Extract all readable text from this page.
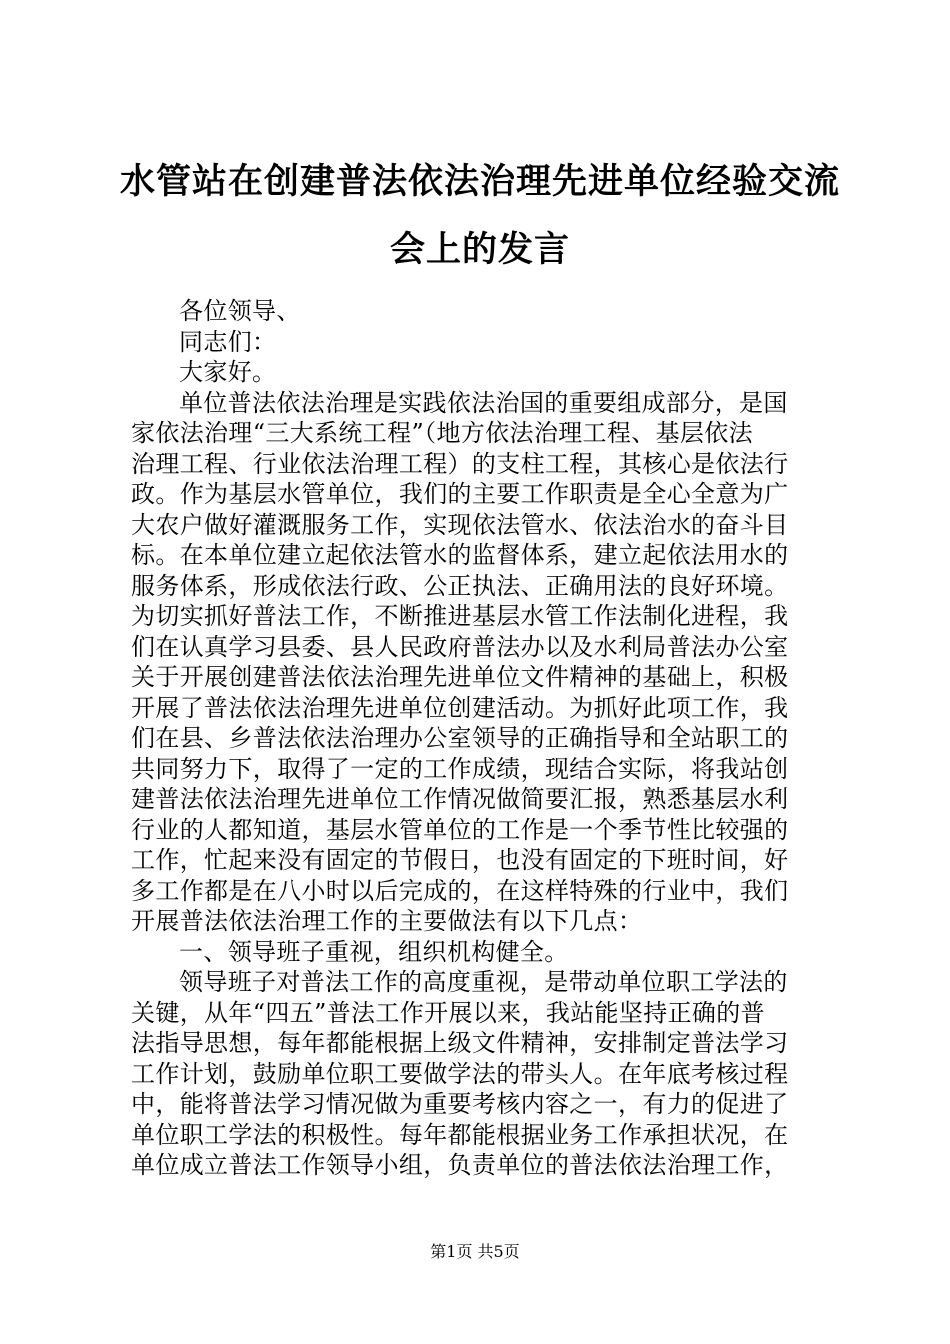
水管站在创建普法依法治理先进单位经验交流
会上的发言

各位领导、
同志们：
大家好。

单位普法依法治理是实践依法治国的重要组成部分，是国
家依法治理“三大系统工程”（地方依法治理工程、基层依法
治理工程、行业依法治理工程）的支柱工程，其核心是依法行
政。作为基层水管单位，我们的主要工作职责是全心全意为广
大农户做好灌溉服务工作，实现依法管水、依法治水的奋斗目
标。在本单位建立起依法管水的监督体系，建立起依法用水的
服务体系，形成依法行政、公正执法、正确用法的良好环境。
为切实抓好普法工作，不断推进基层水管工作法制化进程，我
们在认真学习县委、县人民政府普法办以及水利局普法办公室
关于开展创建普法依法治理先进单位文件精神的基础上，积极
开展了普法依法治理先进单位创建活动。为抓好此项工作，我
们在县、乡普法依法治理办公室领导的正确指导和全站职工的
共同努力下，取得了一定的工作成绩，现结合实际，将我站创
建普法依法治理先进单位工作情况做简要汇报，熟悉基层水利
行业的人都知道，基层水管单位的工作是一个季节性比较强的
工作，忙起来没有固定的节假日，也没有固定的下班时间，好
多工作都是在八小时以后完成的，在这样特殊的行业中，我们
开展普法依法治理工作的主要做法有以下几点：

一、领导班子重视，组织机构健全。

领导班子对普法工作的高度重视，是带动单位职工学法的
关键，从年“四五”普法工作开展以来，我站能坚持正确的普
法指导思想，每年都能根据上级文件精神，安排制定普法学习
工作计划，鼓励单位职工要做学法的带头人。在年底考核过程
中，能将普法学习情况做为重要考核内容之一，有力的促进了
单位职工学法的积极性。每年都能根据业务工作承担状况，在
单位成立普法工作领导小组，负责单位的普法依法治理工作，

第1页 共5页
